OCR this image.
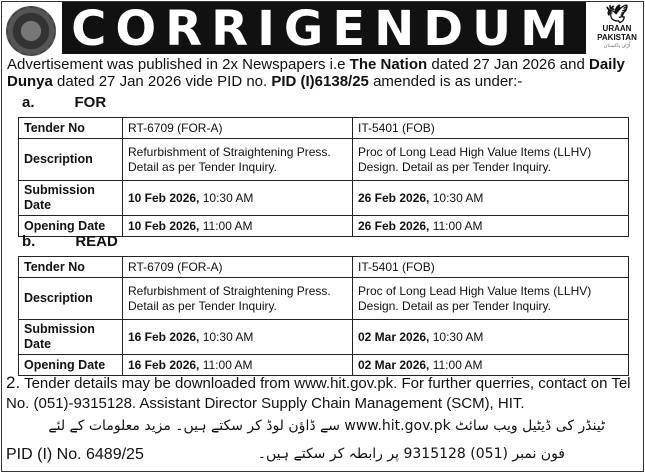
CORRIGENDUM	🕊
URAAN PAKISTAN
اُڑان پاکستان
Advertisement was published in 2x Newspapers i.e The Nation dated 27 Jan 2026 and Daily Dunya dated 27 Jan 2026 vide PID no. PID (I)6138/25 amended is as under:-
a.	FOR
Tender No	RT-6709 (FOR-A)	IT-5401 (FOB)
Description	Refurbishment of Straightening Press. Detail as per Tender Inquiry.	Proc of Long Lead High Value Items (LLHV) Design. Detail as per Tender Inquiry.
Submission Date	10 Feb 2026, 10:30 AM	26 Feb 2026, 10:30 AM
Opening Date	10 Feb 2026, 11:00 AM	26 Feb 2026, 11:00 AM
b.	READ
Tender No	RT-6709 (FOR-A)	IT-5401 (FOB)
Description	Refurbishment of Straightening Press. Detail as per Tender Inquiry.	Proc of Long Lead High Value Items (LLHV) Design. Detail as per Tender Inquiry.
Submission Date	16 Feb 2026, 10:30 AM	02 Mar 2026, 10:30 AM
Opening Date	16 Feb 2026, 11:00 AM	02 Mar 2026, 11:00 AM
2. Tender details may be downloaded from www.hit.gov.pk. For further querries, contact on Tel No. (051)-9315128. Assistant Director Supply Chain Management (SCM), HIT.
ٹینڈر کی ڈیٹیل ویب سائٹ www.hit.gov.pk سے ڈاؤن لوڈ کر سکتے ہیں۔ مزید معلومات کے لئے
فون نمبر (051) 9315128 پر رابطہ کر سکتے ہیں۔
PID (I) No. 6489/25
